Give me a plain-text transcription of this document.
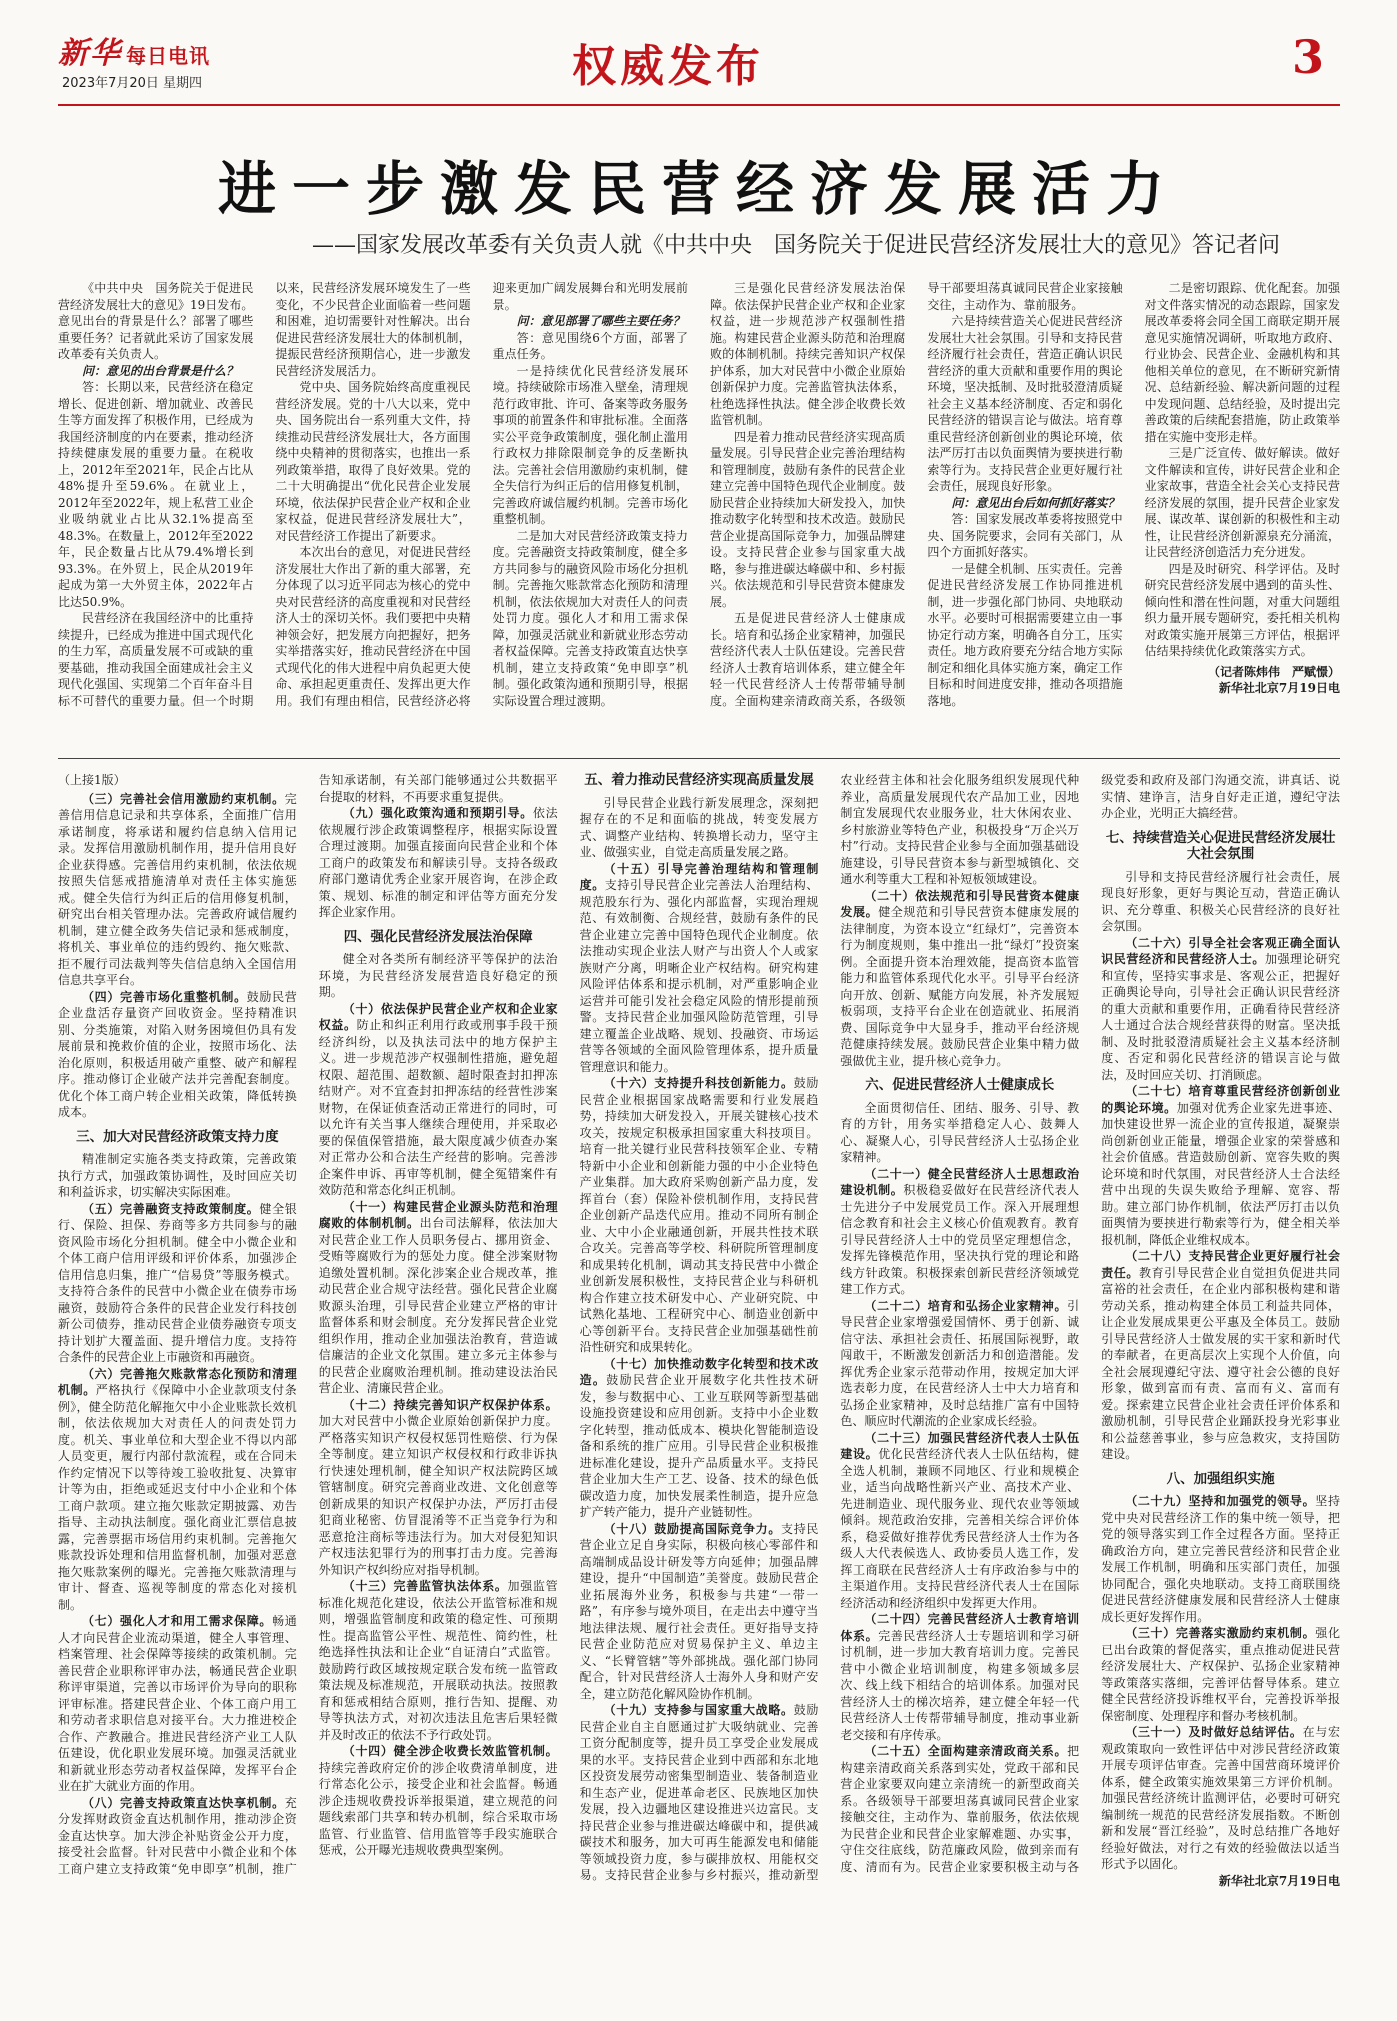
新华 每日电讯
2023年7月20日 星期四	权威发布	3
进一步激发民营经济发展活力
——国家发展改革委有关负责人就《中共中央　国务院关于促进民营经济发展壮大的意见》答记者问

《中共中央　国务院关于促进民营经济发展壮大的意见》19日发布。意见出台的背景是什么？部署了哪些重要任务？记者就此采访了国家发展改革委有关负责人。

问：意见的出台背景是什么？

答：长期以来，民营经济在稳定增长、促进创新、增加就业、改善民生等方面发挥了积极作用，已经成为我国经济制度的内在要素，推动经济持续健康发展的重要力量。在税收上，2012年至2021年，民企占比从48%提升至59.6%。在就业上，2012年至2022年，规上私营工业企业吸纳就业占比从32.1%提高至48.3%。在数量上，2012年至2022年，民企数量占比从79.4%增长到93.3%。在外贸上，民企从2019年起成为第一大外贸主体，2022年占比达50.9%。

民营经济在我国经济中的比重持续提升，已经成为推进中国式现代化的生力军，高质量发展不可或缺的重要基础，推动我国全面建成社会主义现代化强国、实现第二个百年奋斗目标不可替代的重要力量。但一个时期以来，民营经济发展环境发生了一些变化，不少民营企业面临着一些问题和困难，迫切需要针对性解决。出台促进民营经济发展壮大的体制机制，提振民营经济预期信心，进一步激发民营经济发展活力。

党中央、国务院始终高度重视民营经济发展。党的十八大以来，党中央、国务院出台一系列重大文件，持续推动民营经济发展壮大，各方面围绕中央精神的贯彻落实，也推出一系列政策举措，取得了良好效果。党的二十大明确提出“优化民营企业发展环境，依法保护民营企业产权和企业家权益，促进民营经济发展壮大”，对民营经济工作提出了新要求。

本次出台的意见，对促进民营经济发展壮大作出了新的重大部署，充分体现了以习近平同志为核心的党中央对民营经济的高度重视和对民营经济人士的深切关怀。我们要把中央精神领会好，把发展方向把握好，把务实举措落实好，推动民营经济在中国式现代化的伟大进程中肩负起更大使命、承担起更重责任、发挥出更大作用。我们有理由相信，民营经济必将迎来更加广阔发展舞台和光明发展前景。

问：意见部署了哪些主要任务？

答：意见围绕6个方面，部署了重点任务。

一是持续优化民营经济发展环境。持续破除市场准入壁垒，清理规范行政审批、许可、备案等政务服务事项的前置条件和审批标准。全面落实公平竞争政策制度，强化制止滥用行政权力排除限制竞争的反垄断执法。完善社会信用激励约束机制，健全失信行为纠正后的信用修复机制，完善政府诚信履约机制。完善市场化重整机制。

二是加大对民营经济政策支持力度。完善融资支持政策制度，健全多方共同参与的融资风险市场化分担机制。完善拖欠账款常态化预防和清理机制，依法依规加大对责任人的问责处罚力度。强化人才和用工需求保障，加强灵活就业和新就业形态劳动者权益保障。完善支持政策直达快享机制，建立支持政策“免申即享”机制。强化政策沟通和预期引导，根据实际设置合理过渡期。

三是强化民营经济发展法治保障。依法保护民营企业产权和企业家权益，进一步规范涉产权强制性措施。构建民营企业源头防范和治理腐败的体制机制。持续完善知识产权保护体系，加大对民营中小微企业原始创新保护力度。完善监管执法体系，杜绝选择性执法。健全涉企收费长效监管机制。

四是着力推动民营经济实现高质量发展。引导民营企业完善治理结构和管理制度，鼓励有条件的民营企业建立完善中国特色现代企业制度。鼓励民营企业持续加大研发投入，加快推动数字化转型和技术改造。鼓励民营企业提高国际竞争力，加强品牌建设。支持民营企业参与国家重大战略，参与推进碳达峰碳中和、乡村振兴。依法规范和引导民营资本健康发展。

五是促进民营经济人士健康成长。培育和弘扬企业家精神，加强民营经济代表人士队伍建设。完善民营经济人士教育培训体系，建立健全年轻一代民营经济人士传帮带辅导制度。全面构建亲清政商关系，各级领导干部要坦荡真诚同民营企业家接触交往，主动作为、靠前服务。

六是持续营造关心促进民营经济发展壮大社会氛围。引导和支持民营经济履行社会责任，营造正确认识民营经济的重大贡献和重要作用的舆论环境，坚决抵制、及时批驳澄清质疑社会主义基本经济制度、否定和弱化民营经济的错误言论与做法。培育尊重民营经济创新创业的舆论环境，依法严厉打击以负面舆情为要挟进行勒索等行为。支持民营企业更好履行社会责任，展现良好形象。

问：意见出台后如何抓好落实？

答：国家发展改革委将按照党中央、国务院要求，会同有关部门，从四个方面抓好落实。

一是健全机制、压实责任。完善促进民营经济发展工作协同推进机制，进一步强化部门协同、央地联动水平。必要时可根据需要建立由一事协定行动方案，明确各自分工，压实责任。地方政府要充分结合地方实际制定和细化具体实施方案，确定工作目标和时间进度安排，推动各项措施落地。

二是密切跟踪、优化配套。加强对文件落实情况的动态跟踪，国家发展改革委将会同全国工商联定期开展意见实施情况调研，听取地方政府、行业协会、民营企业、金融机构和其他相关单位的意见，在不断研究新情况、总结新经验、解决新问题的过程中发现问题、总结经验，及时提出完善政策的后续配套措施，防止政策举措在实施中变形走样。

三是广泛宣传、做好解读。做好文件解读和宣传，讲好民营企业和企业家故事，营造全社会关心支持民营经济发展的氛围，提升民营企业家发展、谋改革、谋创新的积极性和主动性，让民营经济创新源泉充分涌流，让民营经济创造活力充分迸发。

四是及时研究、科学评估。及时研究民营经济发展中遇到的苗头性、倾向性和潜在性问题，对重大问题组织力量开展专题研究，委托相关机构对政策实施开展第三方评估，根据评估结果持续优化政策落实方式。

（记者陈炜伟　严赋憬）

新华社北京7月19日电

（上接1版）

（三）完善社会信用激励约束机制。完善信用信息记录和共享体系，全面推广信用承诺制度，将承诺和履约信息纳入信用记录。发挥信用激励机制作用，提升信用良好企业获得感。完善信用约束机制，依法依规按照失信惩戒措施清单对责任主体实施惩戒。健全失信行为纠正后的信用修复机制，研究出台相关管理办法。完善政府诚信履约机制，建立健全政务失信记录和惩戒制度，将机关、事业单位的违约毁约、拖欠账款、拒不履行司法裁判等失信信息纳入全国信用信息共享平台。

（四）完善市场化重整机制。鼓励民营企业盘活存量资产回收资金。坚持精准识别、分类施策，对陷入财务困境但仍具有发展前景和挽救价值的企业，按照市场化、法治化原则，积极适用破产重整、破产和解程序。推动修订企业破产法并完善配套制度。优化个体工商户转企业相关政策，降低转换成本。

三、加大对民营经济政策支持力度

精准制定实施各类支持政策，完善政策执行方式，加强政策协调性，及时回应关切和利益诉求，切实解决实际困难。

（五）完善融资支持政策制度。健全银行、保险、担保、券商等多方共同参与的融资风险市场化分担机制。健全中小微企业和个体工商户信用评级和评价体系，加强涉企信用信息归集，推广“信易贷”等服务模式。支持符合条件的民营中小微企业在债券市场融资，鼓励符合条件的民营企业发行科技创新公司债券，推动民营企业债券融资专项支持计划扩大覆盖面、提升增信力度。支持符合条件的民营企业上市融资和再融资。

（六）完善拖欠账款常态化预防和清理机制。严格执行《保障中小企业款项支付条例》，健全防范化解拖欠中小企业账款长效机制，依法依规加大对责任人的问责处罚力度。机关、事业单位和大型企业不得以内部人员变更，履行内部付款流程，或在合同未作约定情况下以等待竣工验收批复、决算审计等为由，拒绝或延迟支付中小企业和个体工商户款项。建立拖欠账款定期披露、劝告指导、主动执法制度。强化商业汇票信息披露，完善票据市场信用约束机制。完善拖欠账款投诉处理和信用监督机制，加强对恶意拖欠账款案例的曝光。完善拖欠账款清理与审计、督查、巡视等制度的常态化对接机制。

（七）强化人才和用工需求保障。畅通人才向民营企业流动渠道，健全人事管理、档案管理、社会保障等接续的政策机制。完善民营企业职称评审办法，畅通民营企业职称评审渠道，完善以市场评价为导向的职称评审标准。搭建民营企业、个体工商户用工和劳动者求职信息对接平台。大力推进校企合作、产教融合。推进民营经济产业工人队伍建设，优化职业发展环境。加强灵活就业和新就业形态劳动者权益保障，发挥平台企业在扩大就业方面的作用。

（八）完善支持政策直达快享机制。充分发挥财政资金直达机制作用，推动涉企资金直达快享。加大涉企补贴资金公开力度，接受社会监督。针对民营中小微企业和个体工商户建立支持政策“免申即享”机制，推广告知承诺制，有关部门能够通过公共数据平台提取的材料，不再要求重复提供。

（九）强化政策沟通和预期引导。依法依规履行涉企政策调整程序，根据实际设置合理过渡期。加强直接面向民营企业和个体工商户的政策发布和解读引导。支持各级政府部门邀请优秀企业家开展咨询，在涉企政策、规划、标准的制定和评估等方面充分发挥企业家作用。

四、强化民营经济发展法治保障

健全对各类所有制经济平等保护的法治环境，为民营经济发展营造良好稳定的预期。

（十）依法保护民营企业产权和企业家权益。防止和纠正利用行政或刑事手段干预经济纠纷，以及执法司法中的地方保护主义。进一步规范涉产权强制性措施，避免超权限、超范围、超数额、超时限查封扣押冻结财产。对不宜查封扣押冻结的经营性涉案财物，在保证侦查活动正常进行的同时，可以允许有关当事人继续合理使用，并采取必要的保值保管措施，最大限度减少侦查办案对正常办公和合法生产经营的影响。完善涉企案件申诉、再审等机制，健全冤错案件有效防范和常态化纠正机制。

（十一）构建民营企业源头防范和治理腐败的体制机制。出台司法解释，依法加大对民营企业工作人员职务侵占、挪用资金、受贿等腐败行为的惩处力度。健全涉案财物追缴处置机制。深化涉案企业合规改革，推动民营企业合规守法经营。强化民营企业腐败源头治理，引导民营企业建立严格的审计监督体系和财会制度。充分发挥民营企业党组织作用，推动企业加强法治教育，营造诚信廉洁的企业文化氛围。建立多元主体参与的民营企业腐败治理机制。推动建设法治民营企业、清廉民营企业。

（十二）持续完善知识产权保护体系。加大对民营中小微企业原始创新保护力度。严格落实知识产权侵权惩罚性赔偿、行为保全等制度。建立知识产权侵权和行政非诉执行快速处理机制，健全知识产权法院跨区域管辖制度。研究完善商业改进、文化创意等创新成果的知识产权保护办法，严厉打击侵犯商业秘密、仿冒混淆等不正当竞争行为和恶意抢注商标等违法行为。加大对侵犯知识产权违法犯罪行为的刑事打击力度。完善海外知识产权纠纷应对指导机制。

（十三）完善监管执法体系。加强监管标准化规范化建设，依法公开监管标准和规则，增强监管制度和政策的稳定性、可预期性。提高监管公平性、规范性、简约性，杜绝选择性执法和让企业“自证清白”式监管。鼓励跨行政区域按规定联合发布统一监管政策法规及标准规范，开展联动执法。按照教育和惩戒相结合原则，推行告知、提醒、劝导等执法方式，对初次违法且危害后果轻微并及时改正的依法不予行政处罚。

（十四）健全涉企收费长效监管机制。持续完善政府定价的涉企收费清单制度，进行常态化公示，接受企业和社会监督。畅通涉企违规收费投诉举报渠道，建立规范的问题线索部门共享和转办机制，综合采取市场监管、行业监管、信用监管等手段实施联合惩戒，公开曝光违规收费典型案例。

五、着力推动民营经济实现高质量发展

引导民营企业践行新发展理念，深刻把握存在的不足和面临的挑战，转变发展方式、调整产业结构、转换增长动力，坚守主业、做强实业，自觉走高质量发展之路。

（十五）引导完善治理结构和管理制度。支持引导民营企业完善法人治理结构、规范股东行为、强化内部监督，实现治理规范、有效制衡、合规经营，鼓励有条件的民营企业建立完善中国特色现代企业制度。依法推动实现企业法人财产与出资人个人或家族财产分离，明晰企业产权结构。研究构建风险评估体系和提示机制，对严重影响企业运营并可能引发社会稳定风险的情形提前预警。支持民营企业加强风险防范管理，引导建立覆盖企业战略、规划、投融资、市场运营等各领域的全面风险管理体系，提升质量管理意识和能力。

（十六）支持提升科技创新能力。鼓励民营企业根据国家战略需要和行业发展趋势，持续加大研发投入，开展关键核心技术攻关，按规定积极承担国家重大科技项目。培育一批关键行业民营科技领军企业、专精特新中小企业和创新能力强的中小企业特色产业集群。加大政府采购创新产品力度，发挥首台（套）保险补偿机制作用，支持民营企业创新产品迭代应用。推动不同所有制企业、大中小企业融通创新，开展共性技术联合攻关。完善高等学校、科研院所管理制度和成果转化机制，调动其支持民营中小微企业创新发展积极性，支持民营企业与科研机构合作建立技术研发中心、产业研究院、中试熟化基地、工程研究中心、制造业创新中心等创新平台。支持民营企业加强基础性前沿性研究和成果转化。

（十七）加快推动数字化转型和技术改造。鼓励民营企业开展数字化共性技术研发，参与数据中心、工业互联网等新型基础设施投资建设和应用创新。支持中小企业数字化转型，推动低成本、模块化智能制造设备和系统的推广应用。引导民营企业积极推进标准化建设，提升产品质量水平。支持民营企业加大生产工艺、设备、技术的绿色低碳改造力度，加快发展柔性制造，提升应急扩产转产能力，提升产业链韧性。

（十八）鼓励提高国际竞争力。支持民营企业立足自身实际，积极向核心零部件和高端制成品设计研发等方向延伸；加强品牌建设，提升“中国制造”美誉度。鼓励民营企业拓展海外业务，积极参与共建“一带一路”，有序参与境外项目，在走出去中遵守当地法律法规、履行社会责任。更好指导支持民营企业防范应对贸易保护主义、单边主义、“长臂管辖”等外部挑战。强化部门协同配合，针对民营经济人士海外人身和财产安全，建立防范化解风险协作机制。

（十九）支持参与国家重大战略。鼓励民营企业自主自愿通过扩大吸纳就业、完善工资分配制度等，提升员工享受企业发展成果的水平。支持民营企业到中西部和东北地区投资发展劳动密集型制造业、装备制造业和生态产业，促进革命老区、民族地区加快发展，投入边疆地区建设推进兴边富民。支持民营企业参与推进碳达峰碳中和，提供减碳技术和服务，加大可再生能源发电和储能等领域投资力度，参与碳排放权、用能权交易。支持民营企业参与乡村振兴，推动新型农业经营主体和社会化服务组织发展现代种养业，高质量发展现代农产品加工业，因地制宜发展现代农业服务业，壮大休闲农业、乡村旅游业等特色产业，积极投身“万企兴万村”行动。支持民营企业参与全面加强基础设施建设，引导民营资本参与新型城镇化、交通水利等重大工程和补短板领域建设。

（二十）依法规范和引导民营资本健康发展。健全规范和引导民营资本健康发展的法律制度，为资本设立“红绿灯”，完善资本行为制度规则，集中推出一批“绿灯”投资案例。全面提升资本治理效能，提高资本监管能力和监管体系现代化水平。引导平台经济向开放、创新、赋能方向发展，补齐发展短板弱项，支持平台企业在创造就业、拓展消费、国际竞争中大显身手，推动平台经济规范健康持续发展。鼓励民营企业集中精力做强做优主业，提升核心竞争力。

六、促进民营经济人士健康成长

全面贯彻信任、团结、服务、引导、教育的方针，用务实举措稳定人心、鼓舞人心、凝聚人心，引导民营经济人士弘扬企业家精神。

（二十一）健全民营经济人士思想政治建设机制。积极稳妥做好在民营经济代表人士先进分子中发展党员工作。深入开展理想信念教育和社会主义核心价值观教育。教育引导民营经济人士中的党员坚定理想信念，发挥先锋模范作用，坚决执行党的理论和路线方针政策。积极探索创新民营经济领域党建工作方式。

（二十二）培育和弘扬企业家精神。引导民营企业家增强爱国情怀、勇于创新、诚信守法、承担社会责任、拓展国际视野，敢闯敢干，不断激发创新活力和创造潜能。发挥优秀企业家示范带动作用，按规定加大评选表彰力度，在民营经济人士中大力培育和弘扬企业家精神，及时总结推广富有中国特色、顺应时代潮流的企业家成长经验。

（二十三）加强民营经济代表人士队伍建设。优化民营经济代表人士队伍结构，健全选人机制，兼顾不同地区、行业和规模企业，适当向战略性新兴产业、高技术产业、先进制造业、现代服务业、现代农业等领域倾斜。规范政治安排，完善相关综合评价体系，稳妥做好推荐优秀民营经济人士作为各级人大代表候选人、政协委员人选工作，发挥工商联在民营经济人士有序政治参与中的主渠道作用。支持民营经济代表人士在国际经济活动和经济组织中发挥更大作用。

（二十四）完善民营经济人士教育培训体系。完善民营经济人士专题培训和学习研讨机制，进一步加大教育培训力度。完善民营中小微企业培训制度，构建多领域多层次、线上线下相结合的培训体系。加强对民营经济人士的梯次培养，建立健全年轻一代民营经济人士传帮带辅导制度，推动事业新老交接和有序传承。

（二十五）全面构建亲清政商关系。把构建亲清政商关系落到实处，党政干部和民营企业家要双向建立亲清统一的新型政商关系。各级领导干部要坦荡真诚同民营企业家接触交往，主动作为、靠前服务，依法依规为民营企业和民营企业家解难题、办实事，守住交往底线，防范廉政风险，做到亲而有度、清而有为。民营企业家要积极主动与各级党委和政府及部门沟通交流，讲真话、说实情、建诤言，洁身自好走正道，遵纪守法办企业，光明正大搞经营。

七、持续营造关心促进民营经济发展壮大社会氛围

引导和支持民营经济履行社会责任，展现良好形象，更好与舆论互动，营造正确认识、充分尊重、积极关心民营经济的良好社会氛围。

（二十六）引导全社会客观正确全面认识民营经济和民营经济人士。加强理论研究和宣传，坚持实事求是、客观公正，把握好正确舆论导向，引导社会正确认识民营经济的重大贡献和重要作用，正确看待民营经济人士通过合法合规经营获得的财富。坚决抵制、及时批驳澄清质疑社会主义基本经济制度、否定和弱化民营经济的错误言论与做法，及时回应关切、打消顾虑。

（二十七）培育尊重民营经济创新创业的舆论环境。加强对优秀企业家先进事迹、加快建设世界一流企业的宣传报道，凝聚崇尚创新创业正能量，增强企业家的荣誉感和社会价值感。营造鼓励创新、宽容失败的舆论环境和时代氛围，对民营经济人士合法经营中出现的失误失败给予理解、宽容、帮助。建立部门协作机制，依法严厉打击以负面舆情为要挟进行勒索等行为，健全相关举报机制，降低企业维权成本。

（二十八）支持民营企业更好履行社会责任。教育引导民营企业自觉担负促进共同富裕的社会责任，在企业内部积极构建和谐劳动关系，推动构建全体员工利益共同体，让企业发展成果更公平惠及全体员工。鼓励引导民营经济人士做发展的实干家和新时代的奉献者，在更高层次上实现个人价值，向全社会展现遵纪守法、遵守社会公德的良好形象，做到富而有责、富而有义、富而有爱。探索建立民营企业社会责任评价体系和激励机制，引导民营企业踊跃投身光彩事业和公益慈善事业，参与应急救灾，支持国防建设。

八、加强组织实施

（二十九）坚持和加强党的领导。坚持党中央对民营经济工作的集中统一领导，把党的领导落实到工作全过程各方面。坚持正确政治方向，建立完善民营经济和民营企业发展工作机制，明确和压实部门责任，加强协同配合，强化央地联动。支持工商联围绕促进民营经济健康发展和民营经济人士健康成长更好发挥作用。

（三十）完善落实激励约束机制。强化已出台政策的督促落实，重点推动促进民营经济发展壮大、产权保护、弘扬企业家精神等政策落实落细，完善评估督导体系。建立健全民营经济投诉维权平台，完善投诉举报保密制度、处理程序和督办考核机制。

（三十一）及时做好总结评估。在与宏观政策取向一致性评估中对涉民营经济政策开展专项评估审查。完善中国营商环境评价体系，健全政策实施效果第三方评价机制。加强民营经济统计监测评估，必要时可研究编制统一规范的民营经济发展指数。不断创新和发展“晋江经验”，及时总结推广各地好经验好做法，对行之有效的经验做法以适当形式予以固化。

新华社北京7月19日电
